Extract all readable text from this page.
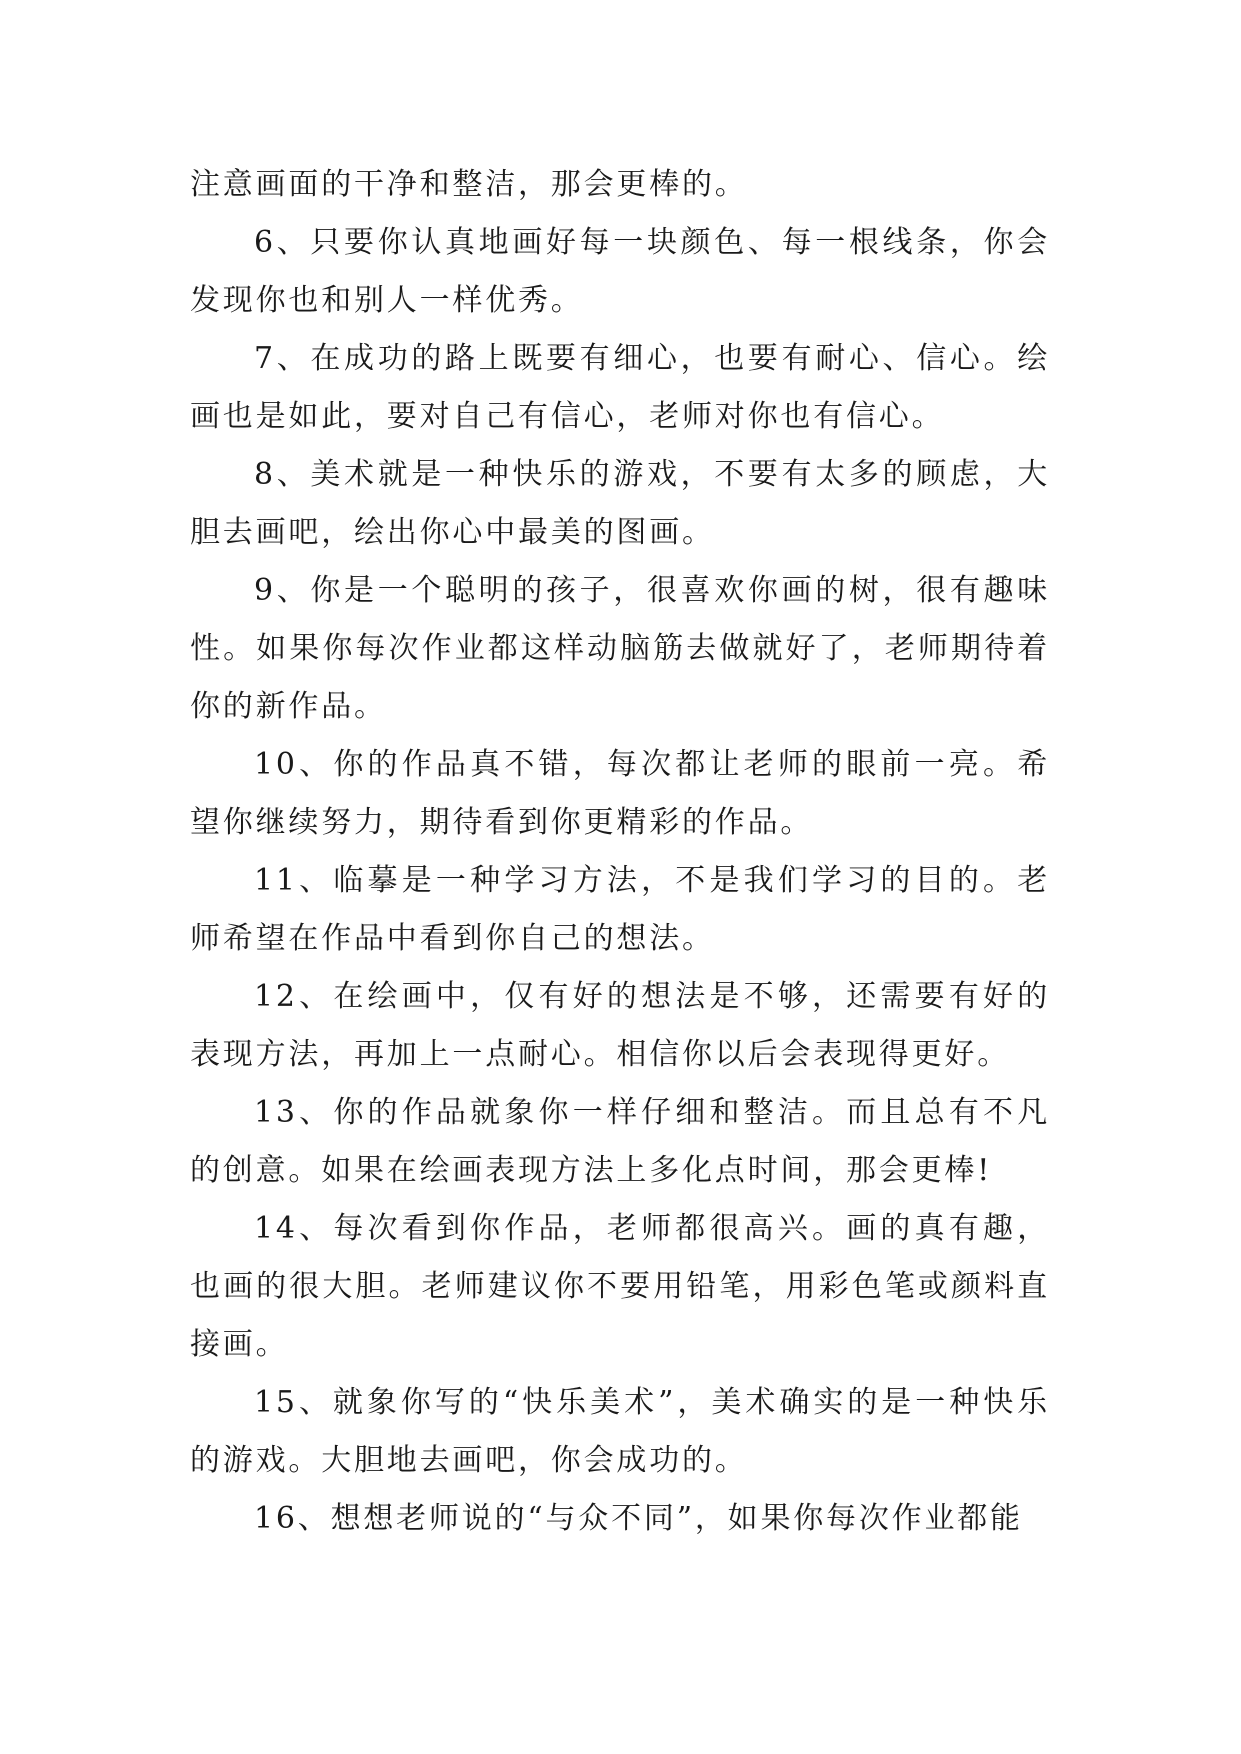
注意画面的干净和整洁，那会更棒的。

6、只要你认真地画好每一块颜色、每一根线条，你会发现你也和别人一样优秀。

7、在成功的路上既要有细心，也要有耐心、信心。绘画也是如此，要对自己有信心，老师对你也有信心。

8、美术就是一种快乐的游戏，不要有太多的顾虑，大胆去画吧，绘出你心中最美的图画。

9、你是一个聪明的孩子，很喜欢你画的树，很有趣味性。如果你每次作业都这样动脑筋去做就好了，老师期待着你的新作品。

10、你的作品真不错，每次都让老师的眼前一亮。希望你继续努力，期待看到你更精彩的作品。

11、临摹是一种学习方法，不是我们学习的目的。老师希望在作品中看到你自己的想法。

12、在绘画中，仅有好的想法是不够，还需要有好的表现方法，再加上一点耐心。相信你以后会表现得更好。

13、你的作品就象你一样仔细和整洁。而且总有不凡的创意。如果在绘画表现方法上多化点时间，那会更棒!

14、每次看到你作品，老师都很高兴。画的真有趣，也画的很大胆。老师建议你不要用铅笔，用彩色笔或颜料直接画。

15、就象你写的“快乐美术”，美术确实的是一种快乐的游戏。大胆地去画吧，你会成功的。

16、想想老师说的“与众不同”，如果你每次作业都能
